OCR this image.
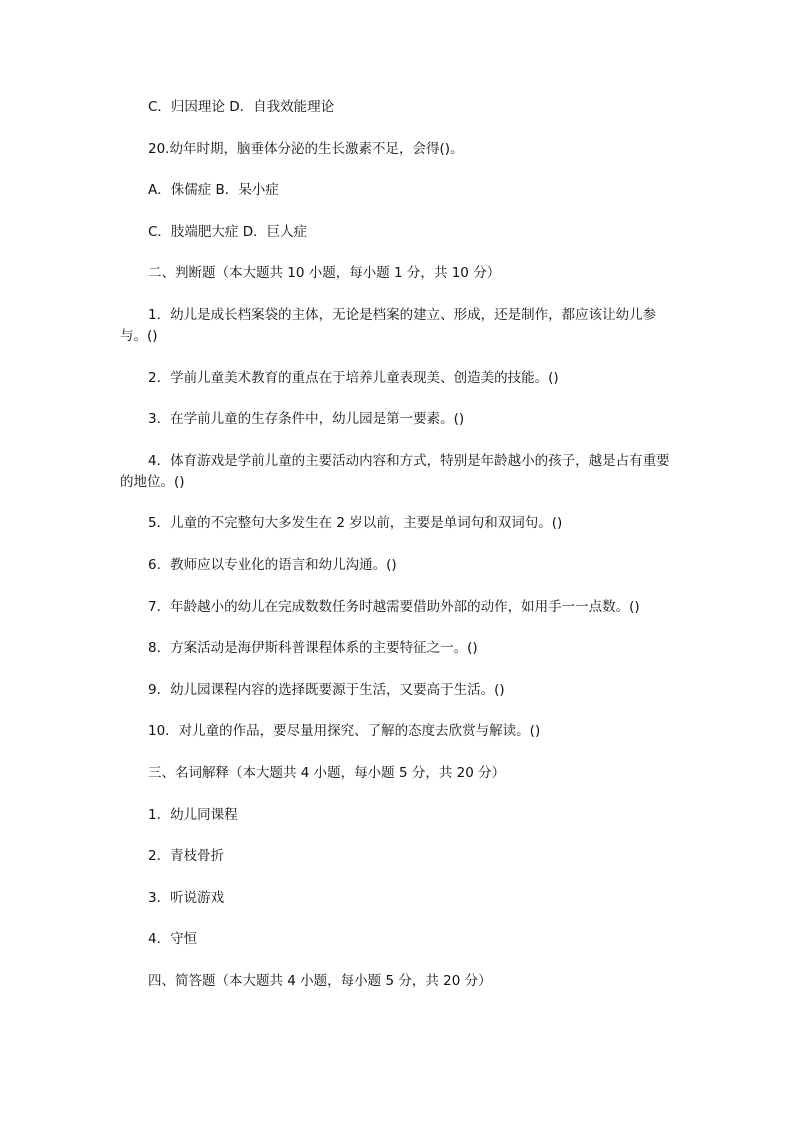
C．归因理论 D．自我效能理论

20.幼年时期，脑垂体分泌的生长激素不足，会得()。

A．侏儒症 B．呆小症

C．肢端肥大症 D．巨人症

二、判断题（本大题共 10 小题，每小题 1 分，共 10 分）

1．幼儿是成长档案袋的主体，无论是档案的建立、形成，还是制作，都应该让幼儿参与。()

2．学前儿童美术教育的重点在于培养儿童表现美、创造美的技能。()

3．在学前儿童的生存条件中，幼儿园是第一要素。()

4．体育游戏是学前儿童的主要活动内容和方式，特别是年龄越小的孩子，越是占有重要的地位。()

5．儿童的不完整句大多发生在 2 岁以前，主要是单词句和双词句。()

6．教师应以专业化的语言和幼儿沟通。()

7．年龄越小的幼儿在完成数数任务时越需要借助外部的动作，如用手一一点数。()

8．方案活动是海伊斯科普课程体系的主要特征之一。()

9．幼儿园课程内容的选择既要源于生活，又要高于生活。()

10．对儿童的作品，要尽量用探究、了解的态度去欣赏与解读。()

三、名词解释（本大题共 4 小题，每小题 5 分，共 20 分）

1．幼儿同课程

2．青枝骨折

3．听说游戏

4．守恒

四、简答题（本大题共 4 小题，每小题 5 分，共 20 分）
